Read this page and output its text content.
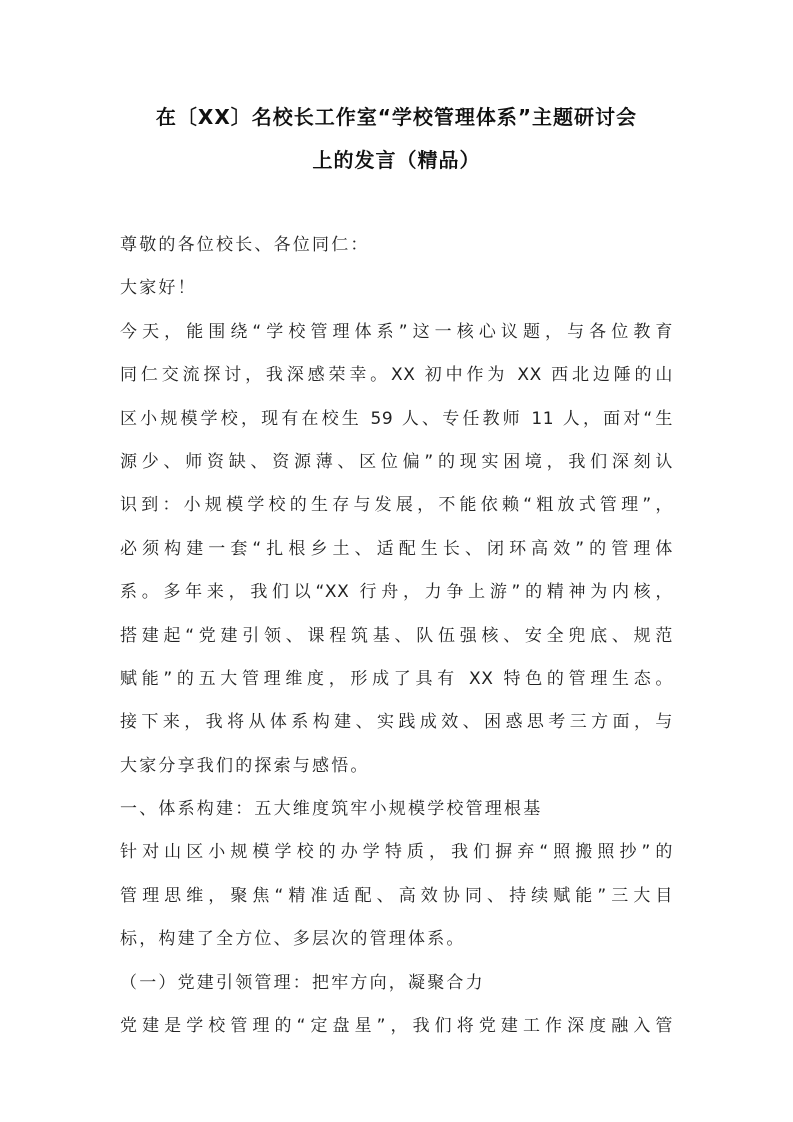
在〔XX〕名校长工作室“学校管理体系”主题研讨会
上的发言（精品）
尊敬的各位校长、各位同仁：
大家好！
今天，能围绕“学校管理体系”这一核心议题，与各位教育
同仁交流探讨，我深感荣幸。XX 初中作为 XX 西北边陲的山
区小规模学校，现有在校生 59 人、专任教师 11 人，面对“生
源少、师资缺、资源薄、区位偏”的现实困境，我们深刻认
识到：小规模学校的生存与发展，不能依赖“粗放式管理”，
必须构建一套“扎根乡土、适配生长、闭环高效”的管理体
系。多年来，我们以“XX 行舟，力争上游”的精神为内核，
搭建起“党建引领、课程筑基、队伍强核、安全兜底、规范
赋能”的五大管理维度，形成了具有 XX 特色的管理生态。
接下来，我将从体系构建、实践成效、困惑思考三方面，与
大家分享我们的探索与感悟。
一、体系构建：五大维度筑牢小规模学校管理根基
针对山区小规模学校的办学特质，我们摒弃“照搬照抄”的
管理思维，聚焦“精准适配、高效协同、持续赋能”三大目
标，构建了全方位、多层次的管理体系。
（一）党建引领管理：把牢方向，凝聚合力
党建是学校管理的“定盘星”，我们将党建工作深度融入管
